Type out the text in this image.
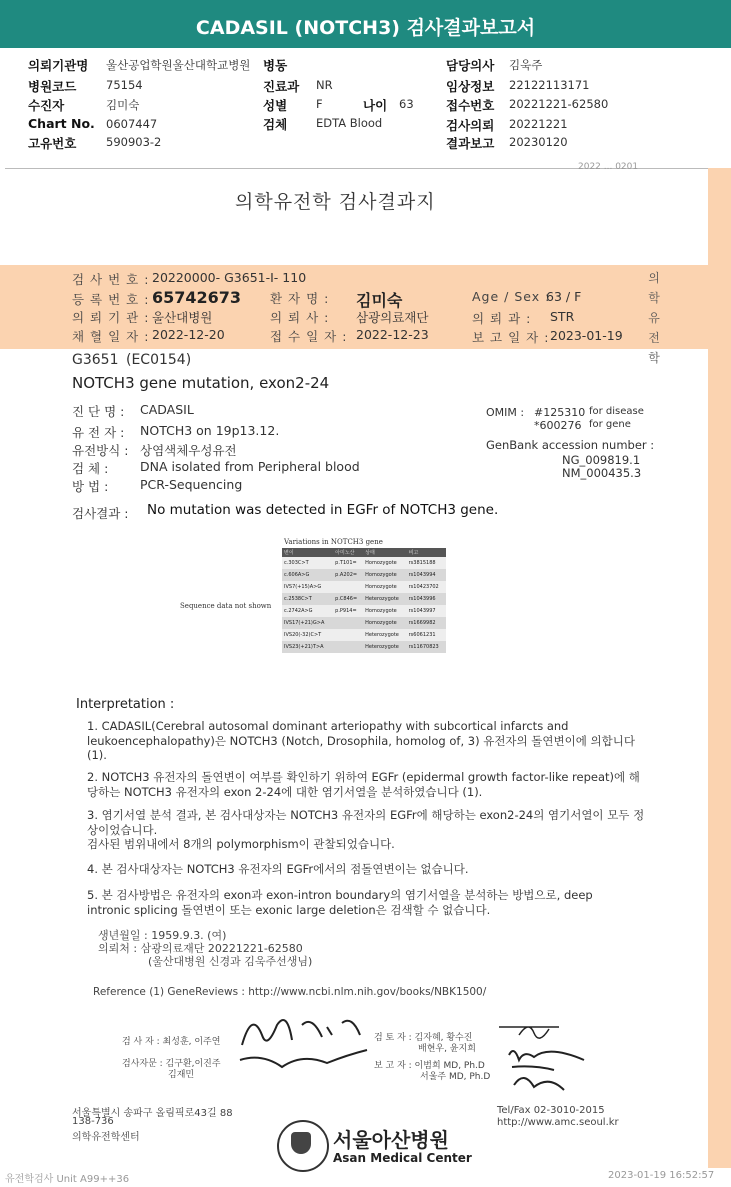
CADASIL (NOTCH3) 검사결과보고서
의뢰기관명 울산공업학원울산대학교병원 병동
병원코드	75154	진료과 NR
수진자	김미숙	성별	F	나이 63
Chart No. 0607447	검체	EDTA Blood
고유번호	590903-2
담당의사 김욱주
임상정보 22122113171
접수번호 20221221-62580
검사의뢰 20221221
결과보고 20230120
2022 ... 0201
의학유전학 검사결과지
검 사 번 호 : 20220000- G3651-I- 110
등 록 번 호 : 65742673 환 자 명 : 김미숙	Age / Sex :
63 / F
의 뢰 기 관 : 울산대병원	의 뢰 사 : 삼광의료재단	의 뢰 과 : STR
채 혈 일 자 : 2022-12-20	접 수 일 자 : 2022-12-23	보 고 일 자 : 2023-01-19
의학유전학
G3651 (EC0154)
NOTCH3 gene mutation, exon2-24
진 단 명 : CADASIL
유 전 자 : NOTCH3 on 19p13.12.
유전방식 : 상염색체우성유전
검 체 :	DNA isolated from Peripheral blood
방 법 :	PCR-Sequencing
OMIM : #125310 for disease
*600276 for gene
GenBank accession number :
NG_009819.1
NM_000435.3
검사결과 : No mutation was detected in EGFr of NOTCH3 gene.
Variations in NOTCH3 gene
Sequence data not shown
변이	아미노산	상태	비고
c.303C>T	p.T101=	Homozygote	rs3815188
c.606A>G	p.A202=	Homozygote	rs1043994
IVS7(+15)A>G		Homozygote	rs10423702
c.2538C>T	p.C846=	Heterozygote	rs1043996
c.2742A>G	p.P914=	Homozygote	rs1043997
IVS17(+21)G>A		Homozygote	rs1669982
IVS20(-32)C>T		Heterozygote	rs6061231
IVS23(+21)T>A		Heterozygote	rs11670823
Interpretation :
1. CADASIL(Cerebral autosomal dominant arteriopathy with subcortical infarcts and leukoencephalopathy)은 NOTCH3 (Notch, Drosophila, homolog of, 3) 유전자의 돌연변이에 의합니다 (1).
2. NOTCH3 유전자의 돌연변이 여부를 확인하기 위하여 EGFr (epidermal growth factor-like repeat)에 해당하는 NOTCH3 유전자의 exon 2-24에 대한 염기서열을 분석하였습니다 (1).
3. 염기서열 분석 결과, 본 검사대상자는 NOTCH3 유전자의 EGFr에 해당하는 exon2-24의 염기서열이 모두 정상이었습니다.
검사된 범위내에서 8개의 polymorphism이 관찰되었습니다.
4. 본 검사대상자는 NOTCH3 유전자의 EGFr에서의 점돌연변이는 없습니다.
5. 본 검사방법은 유전자의 exon과 exon-intron boundary의 염기서열을 분석하는 방법으로, deep intronic splicing 돌연변이 또는 exonic large deletion은 검색할 수 없습니다.
생년월일 : 1959.9.3. (여)
의뢰처 : 삼광의료재단 20221221-62580
(울산대병원 신경과 김욱주선생님)
Reference (1) GeneReviews : http://www.ncbi.nlm.nih.gov/books/NBK1500/
검 사 자 : 최성훈, 이주연
검사자문 : 김구환,이진주
김재민
검 토 자 : 김자혜, 황수진
배현우, 윤지희
보 고 자 : 이범희 MD, Ph.D
서울주 MD, Ph.D
서울특별시 송파구 올림픽로43길 88
138-736
의학유전학센터
Tel/Fax 02-3010-2015
http://www.amc.seoul.kr
서울아산병원
Asan Medical Center
유전학검사 Unit A99++36	2023-01-19 16:52:57
